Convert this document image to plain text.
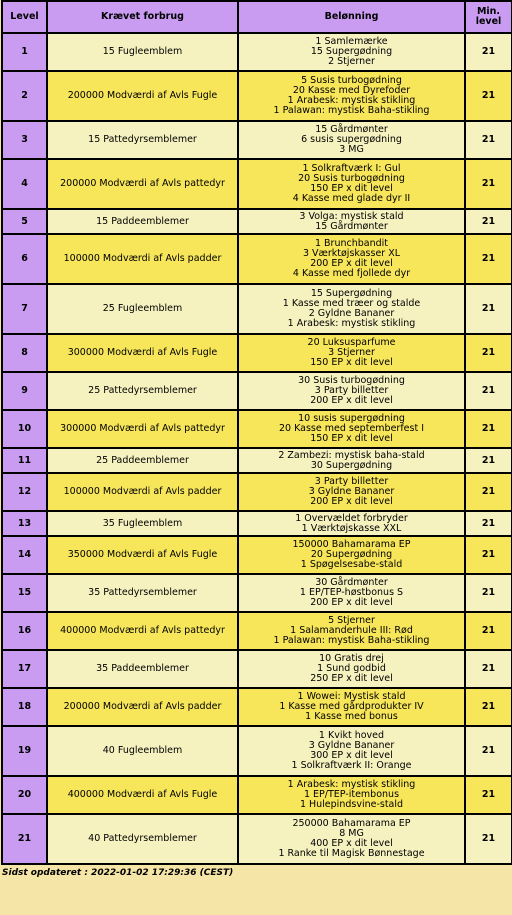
Level	Krævet forbrug	Belønning	Min. level
1	15 Fugleemblem	1 Samlemærke
15 Supergødning
2 Stjerner	21
2	200000 Modværdi af Avls Fugle	5 Susis turbogødning
20 Kasse med Dyrefoder
1 Arabesk: mystisk stikling
1 Palawan: mystisk Baha-stikling	21
3	15 Pattedyrsemblemer	15 Gårdmønter
6 susis supergødning
3 MG	21
4	200000 Modværdi af Avls pattedyr	1 Solkraftværk I: Gul
20 Susis turbogødning
150 EP x dit level
4 Kasse med glade dyr II	21
5	15 Paddeemblemer	3 Volga: mystisk stald
15 Gårdmønter	21
6	100000 Modværdi af Avls padder	1 Brunchbandit
3 Værktøjskasser XL
200 EP x dit level
4 Kasse med fjollede dyr	21
7	25 Fugleemblem	15 Supergødning
1 Kasse med træer og stalde
2 Gyldne Bananer
1 Arabesk: mystisk stikling	21
8	300000 Modværdi af Avls Fugle	20 Luksusparfume
3 Stjerner
150 EP x dit level	21
9	25 Pattedyrsemblemer	30 Susis turbogødning
3 Party billetter
200 EP x dit level	21
10	300000 Modværdi af Avls pattedyr	10 susis supergødning
20 Kasse med septemberfest I
150 EP x dit level	21
11	25 Paddeemblemer	2 Zambezi: mystisk baha-stald
30 Supergødning	21
12	100000 Modværdi af Avls padder	3 Party billetter
3 Gyldne Bananer
200 EP x dit level	21
13	35 Fugleemblem	1 Overvældet forbryder
1 Værktøjskasse XXL	21
14	350000 Modværdi af Avls Fugle	150000 Bahamarama EP
20 Supergødning
1 Spøgelsesabe-stald	21
15	35 Pattedyrsemblemer	30 Gårdmønter
1 EP/TEP-høstbonus S
200 EP x dit level	21
16	400000 Modværdi af Avls pattedyr	5 Stjerner
1 Salamanderhule III: Rød
1 Palawan: mystisk Baha-stikling	21
17	35 Paddeemblemer	10 Gratis drej
1 Sund godbid
250 EP x dit level	21
18	200000 Modværdi af Avls padder	1 Wowei: Mystisk stald
1 Kasse med gårdprodukter IV
1 Kasse med bonus	21
19	40 Fugleemblem	1 Kvikt hoved
3 Gyldne Bananer
300 EP x dit level
1 Solkraftværk II: Orange	21
20	400000 Modværdi af Avls Fugle	1 Arabesk: mystisk stikling
1 EP/TEP-itembonus
1 Hulepindsvine-stald	21
21	40 Pattedyrsemblemer	250000 Bahamarama EP
8 MG
400 EP x dit level
1 Ranke til Magisk Bønnestage	21
Sidst opdateret : 2022-01-02 17:29:36 (CEST)
